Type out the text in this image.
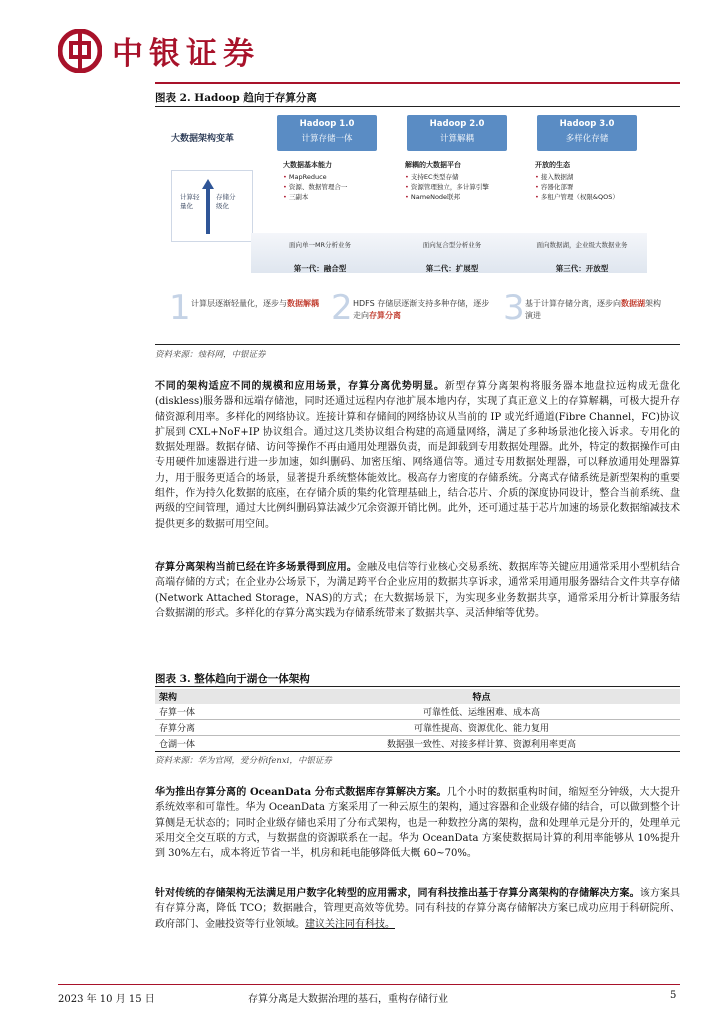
中银证券
图表 2. Hadoop 趋向于存算分离
大数据架构变革
Hadoop 1.0
计算存储一体
Hadoop 2.0
计算解耦
Hadoop 3.0
多样化存储
计算轻量化
存储分级化
大数据基本能力
• MapReduce
• 资源、数据管理合一
• 三副本
解耦的大数据平台
• 支持EC类型存储
• 资源管理独立，多计算引擎
• NameNode联邦
开放的生态
• 接入数据湖
• 容器化部署
• 多租户管理（权限&QOS）
面向单一MR分析业务	面向复合型分析业务	面向数据湖，企业级大数据业务
第一代：融合型	第二代：扩展型	第三代：开放型
1 计算层逐渐轻量化，逐步与数据解耦 2 HDFS 存储层逐渐支持多种存储，逐步走向存算分离	3 基于计算存储分离，逐步向数据湖架构演进
资料来源：烛科网，中银证券
不同的架构适应不同的规模和应用场景，存算分离优势明显。新型存算分离架构将服务器本地盘拉远构成无盘化(diskless)服务器和远端存储池，同时还通过远程内存池扩展本地内存，实现了真正意义上的存算解耦，可极大提升存储资源利用率。多样化的网络协议。连接计算和存储间的网络协议从当前的 IP 或光纤通道(Fibre Channel，FC)协议扩展到 CXL+NoF+IP 协议组合。通过这几类协议组合构建的高通量网络，满足了多种场景池化接入诉求。专用化的数据处理器。数据存储、访问等操作不再由通用处理器负责，而是卸载到专用数据处理器。此外，特定的数据操作可由专用硬件加速器进行进一步加速，如纠删码、加密压缩、网络通信等。通过专用数据处理器，可以释放通用处理器算力，用于服务更适合的场景，显著提升系统整体能效比。极高存力密度的存储系统。分离式存储系统是新型架构的重要组件，作为持久化数据的底座，在存储介质的集约化管理基础上，结合芯片、介质的深度协同设计，整合当前系统、盘两级的空间管理，通过大比例纠删码算法减少冗余资源开销比例。此外，还可通过基于芯片加速的场景化数据缩减技术提供更多的数据可用空间。
存算分离架构当前已经在许多场景得到应用。金融及电信等行业核心交易系统、数据库等关键应用通常采用小型机结合高端存储的方式；在企业办公场景下，为满足跨平台企业应用的数据共享诉求，通常采用通用服务器结合文件共享存储(Network Attached Storage，NAS)的方式；在大数据场景下，为实现多业务数据共享，通常采用分析计算服务结合数据湖的形式。多样化的存算分离实践为存储系统带来了数据共享、灵活伸缩等优势。
图表 3. 整体趋向于湖仓一体架构
架构	特点
存算一体	可靠性低、运维困难、成本高
存算分离	可靠性提高、资源优化、能力复用
仓湖一体	数据强一致性、对接多样计算、资源利用率更高
资料来源：华为官网，爱分析ifenxi，中银证券
华为推出存算分离的 OceanData 分布式数据库存算解决方案。几个小时的数据重构时间，缩短至分钟级，大大提升系统效率和可靠性。华为 OceanData 方案采用了一种云原生的架构，通过容器和企业级存储的结合，可以做到整个计算侧是无状态的；同时企业级存储也采用了分布式架构，也是一种数控分离的架构，盘和处理单元是分开的，处理单元采用交全交互联的方式，与数据盘的资源联系在一起。华为 OceanData 方案使数据局计算的利用率能够从 10%提升到 30%左右，成本将近节省一半，机房和耗电能够降低大概 60~70%。
针对传统的存储架构无法满足用户数字化转型的应用需求，同有科技推出基于存算分离架构的存储解决方案。该方案具有存算分离，降低 TCO；数据融合，管理更高效等优势。同有科技的存算分离存储解决方案已成功应用于科研院所、政府部门、金融投资等行业领域。建议关注同有科技。
2023 年 10 月 15 日	存算分离是大数据治理的基石，重构存储行业	5
